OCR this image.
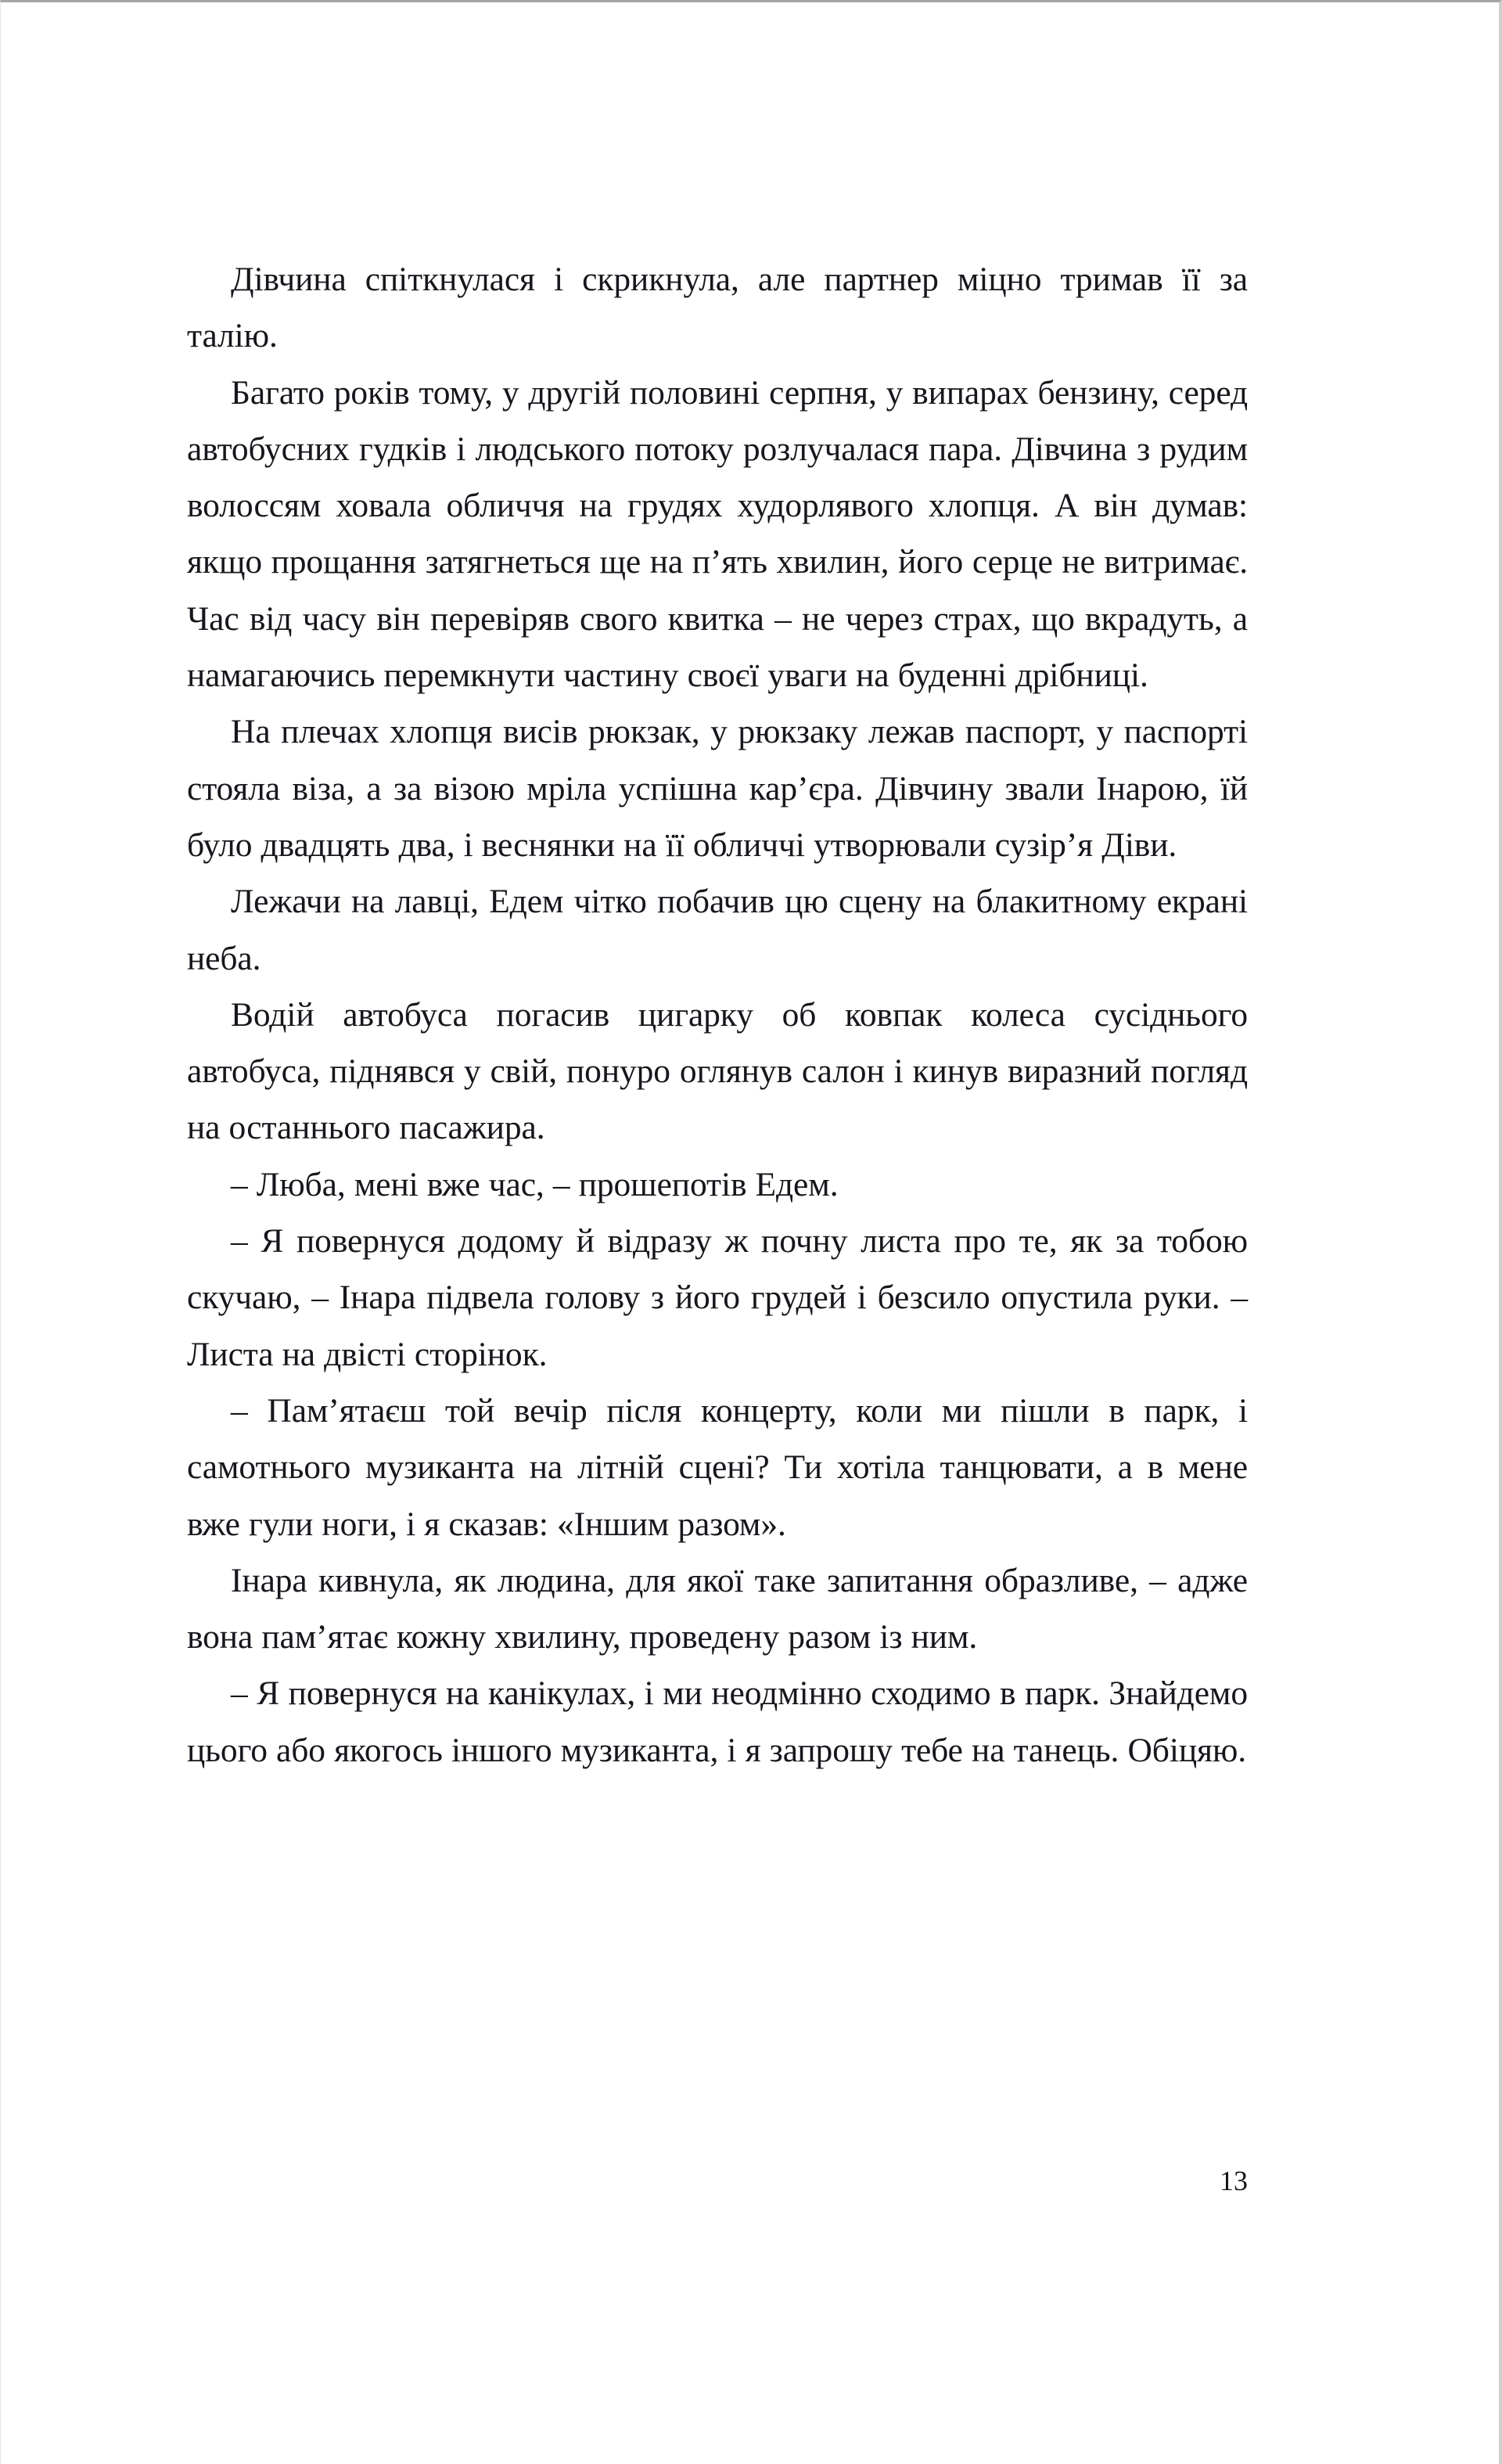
Дівчина спіткнулася і скрикнула, але партнер міцно тримав її за талію.

Багато років тому, у другій половині серпня, у випарах бензину, серед автобусних гудків і людського потоку розлучалася пара. Дівчина з рудим волоссям ховала обличчя на грудях худорлявого хлопця. А він думав: якщо прощання затягнеться ще на п’ять хвилин, його серце не витримає. Час від часу він перевіряв свого квитка – не через страх, що вкрадуть, а намагаючись перемкнути частину своєї уваги на буденні дрібниці.

На плечах хлопця висів рюкзак, у рюкзаку лежав паспорт, у паспорті стояла віза, а за візою мріла успішна кар’єра. Дівчину звали Інарою, їй було двадцять два, і веснянки на її обличчі утворювали сузір’я Діви.

Лежачи на лавці, Едем чітко побачив цю сцену на блакитному екрані неба.

Водій автобуса погасив цигарку об ковпак колеса сусіднього автобуса, піднявся у свій, понуро оглянув салон і кинув виразний погляд на останнього пасажира.

– Люба, мені вже час, – прошепотів Едем.

– Я повернуся додому й відразу ж почну листа про те, як за тобою скучаю, – Інара підвела голову з його грудей і безсило опустила руки. – Листа на двісті сторінок.

– Пам’ятаєш той вечір після концерту, коли ми пішли в парк, і самотнього музиканта на літній сцені? Ти хотіла танцювати, а в мене вже гули ноги, і я сказав: «Іншим разом».

Інара кивнула, як людина, для якої таке запитання образливе, – адже вона пам’ятає кожну хвилину, проведену разом із ним.

– Я повернуся на канікулах, і ми неодмінно сходимо в парк. Знайдемо цього або якогось іншого музиканта, і я запрошу тебе на танець. Обіцяю.

13
